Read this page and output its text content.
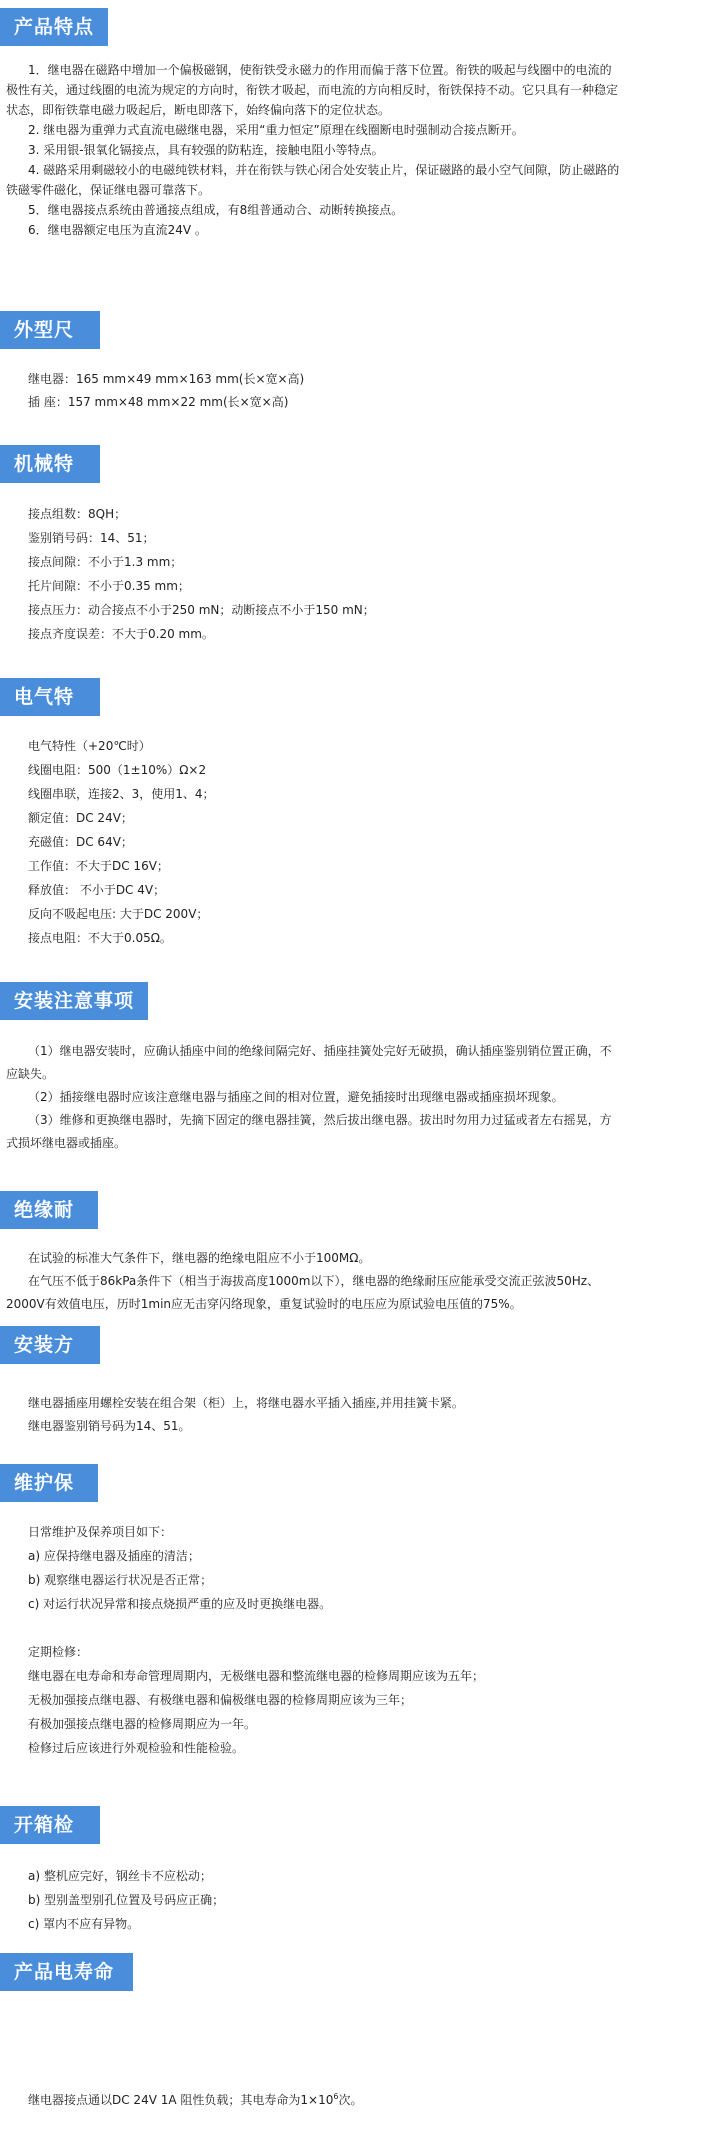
产品特点
1．继电器在磁路中增加一个偏极磁钢，使衔铁受永磁力的作用而偏于落下位置。衔铁的吸起与线圈中的电流的
极性有关，通过线圈的电流为规定的方向时，衔铁才吸起，而电流的方向相反时，衔铁保持不动。它只具有一种稳定
状态，即衔铁靠电磁力吸起后，断电即落下，始终偏向落下的定位状态。
2. 继电器为重弹力式直流电磁继电器，采用“重力恒定”原理在线圈断电时强制动合接点断开。
3. 采用银-银氧化镉接点，具有较强的防粘连，接触电阻小等特点。
4. 磁路采用剩磁较小的电磁纯铁材料，并在衔铁与铁心闭合处安装止片，保证磁路的最小空气间隙，防止磁路的
铁磁零件磁化，保证继电器可靠落下。
5．继电器接点系统由普通接点组成，有8组普通动合、动断转换接点。
6．继电器额定电压为直流24V 。
外型尺寸
继电器：165 mm×49 mm×163 mm(长×宽×高)
插 座：157 mm×48 mm×22 mm(长×宽×高)
机械特性
接点组数：8QH；
鉴别销号码：14、51；
接点间隙：不小于1.3 mm；
托片间隙：不小于0.35 mm；
接点压力：动合接点不小于250 mN；动断接点不小于150 mN；
接点齐度误差：不大于0.20 mm。
电气特性
电气特性（+20℃时）
线圈电阻：500（1±10%）Ω×2
线圈串联，连接2、3，使用1、4；
额定值：DC 24V；
充磁值：DC 64V；
工作值：不大于DC 16V；
释放值： 不小于DC 4V；
反向不吸起电压: 大于DC 200V；
接点电阻：不大于0.05Ω。
安装注意事项
（1）继电器安装时，应确认插座中间的绝缘间隔完好、插座挂簧处完好无破损，确认插座鉴别销位置正确，不
应缺失。
（2）插接继电器时应该注意继电器与插座之间的相对位置，避免插接时出现继电器或插座损坏现象。
（3）维修和更换继电器时，先摘下固定的继电器挂簧，然后拔出继电器。拔出时勿用力过猛或者左右摇晃，方
式损坏继电器或插座。
绝缘耐压
在试验的标准大气条件下，继电器的绝缘电阻应不小于100MΩ。
在气压不低于86kPa条件下（相当于海拔高度1000m以下），继电器的绝缘耐压应能承受交流正弦波50Hz、
2000V有效值电压，历时1min应无击穿闪络现象，重复试验时的电压应为原试验电压值的75%。
安装方式
继电器插座用螺栓安装在组合架（柜）上，将继电器水平插入插座,并用挂簧卡紧。
继电器鉴别销号码为14、51。
维护保养
日常维护及保养项目如下：
a) 应保持继电器及插座的清洁；
b) 观察继电器运行状况是否正常；
c) 对运行状况异常和接点烧损严重的应及时更换继电器。
定期检修：
继电器在电寿命和寿命管理周期内，无极继电器和整流继电器的检修周期应该为五年；
无极加强接点继电器、有极继电器和偏极继电器的检修周期应该为三年；
有极加强接点继电器的检修周期应为一年。
检修过后应该进行外观检验和性能检验。
开箱检验
a) 整机应完好，钢丝卡不应松动；
b) 型别盖型别孔位置及号码应正确；
c) 罩内不应有异物。
产品电寿命
继电器接点通以DC 24V 1A 阻性负载；其电寿命为$1\times 10^6$次。
